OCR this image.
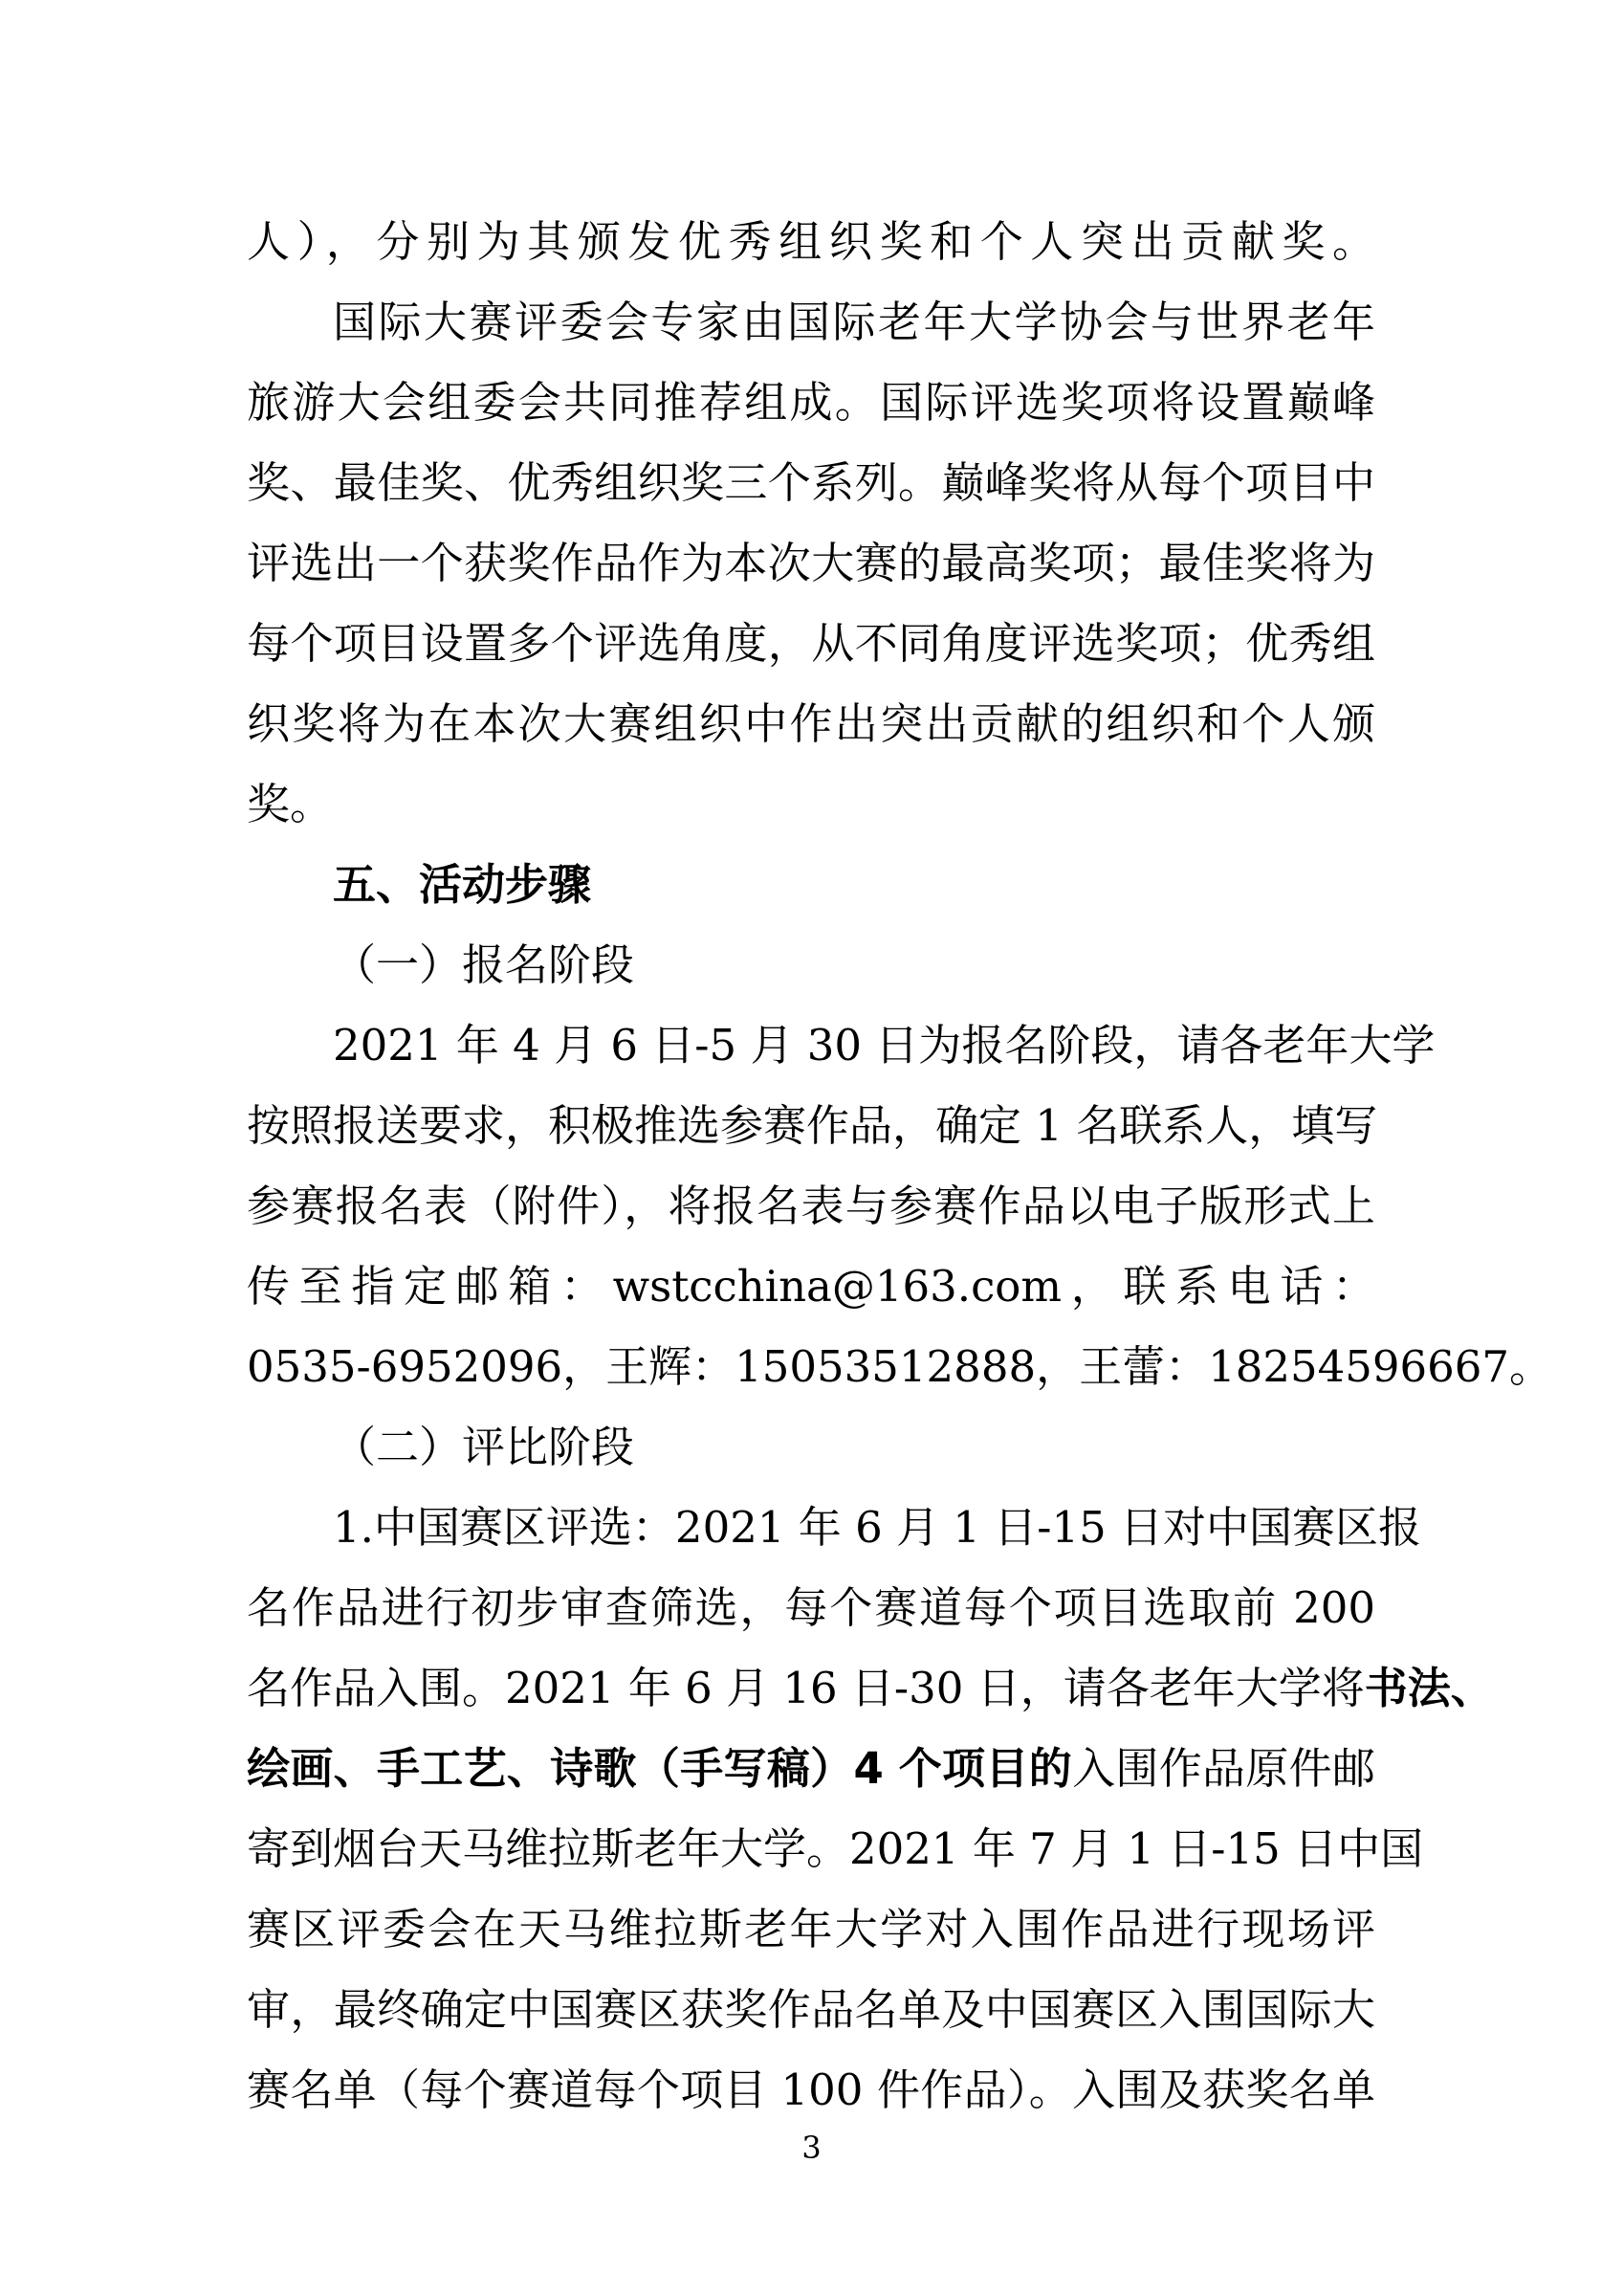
人），分别为其颁发优秀组织奖和个人突出贡献奖。
国际大赛评委会专家由国际老年大学协会与世界老年
旅游大会组委会共同推荐组成。国际评选奖项将设置巅峰
奖、最佳奖、优秀组织奖三个系列。巅峰奖将从每个项目中
评选出一个获奖作品作为本次大赛的最高奖项；最佳奖将为
每个项目设置多个评选角度，从不同角度评选奖项；优秀组
织奖将为在本次大赛组织中作出突出贡献的组织和个人颁
奖。
五、活动步骤
（一）报名阶段
2021 年 4 月 6 日-5 月 30 日为报名阶段，请各老年大学
按照报送要求，积极推选参赛作品，确定 1 名联系人，填写
参赛报名表（附件），将报名表与参赛作品以电子版形式上
传至指定邮箱：wstcchina@163.com，联系电话：
0535-6952096，王辉：15053512888，王蕾：18254596667。
（二）评比阶段
1.中国赛区评选：2021 年 6 月 1 日-15 日对中国赛区报
名作品进行初步审查筛选，每个赛道每个项目选取前 200
名作品入围。2021 年 6 月 16 日-30 日，请各老年大学将书法、
绘画、手工艺、诗歌（手写稿）4 个项目的入围作品原件邮
寄到烟台天马维拉斯老年大学。2021 年 7 月 1 日-15 日中国
赛区评委会在天马维拉斯老年大学对入围作品进行现场评
审，最终确定中国赛区获奖作品名单及中国赛区入围国际大
赛名单（每个赛道每个项目 100 件作品）。入围及获奖名单
3
